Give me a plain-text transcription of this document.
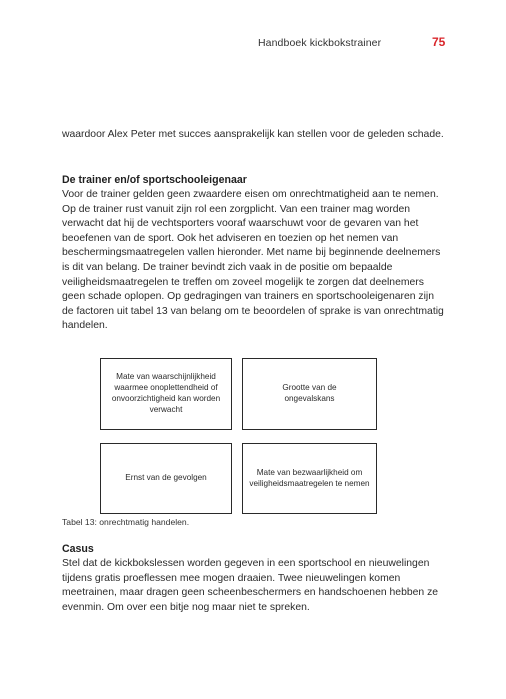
Handboek kickbokstrainer	75
waardoor Alex Peter met succes aansprakelijk kan stellen voor de geleden schade.
De trainer en/of sportschooleigenaar
Voor de trainer gelden geen zwaardere eisen om onrechtmatigheid aan te nemen. Op de trainer rust vanuit zijn rol een zorgplicht. Van een trainer mag worden verwacht dat hij de vechtsporters vooraf waarschuwt voor de gevaren van het beoefenen van de sport. Ook het adviseren en toezien op het nemen van beschermingsmaatregelen vallen hieronder. Met name bij beginnende deelnemers is dit van belang. De trainer bevindt zich vaak in de positie om bepaalde veiligheidsmaatregelen te treffen om zoveel mogelijk te zorgen dat deelnemers geen schade oplopen. Op gedragingen van trainers en sportschooleigenaren zijn de factoren uit tabel 13 van belang om te beoordelen of sprake is van onrechtmatig handelen.
Mate van waarschijnlijkheid waarmee onoplettendheid of onvoorzichtigheid kan worden verwacht
Grootte van de ongevalskans
Ernst van de gevolgen
Mate van bezwaarlijkheid om veiligheidsmaatregelen te nemen
Tabel 13: onrechtmatig handelen.
Casus
Stel dat de kickbokslessen worden gegeven in een sportschool en nieuwelingen tijdens gratis proeflessen mee mogen draaien. Twee nieuwelingen komen meetrainen, maar dragen geen scheenbeschermers en handschoenen hebben ze evenmin. Om over een bitje nog maar niet te spreken.
